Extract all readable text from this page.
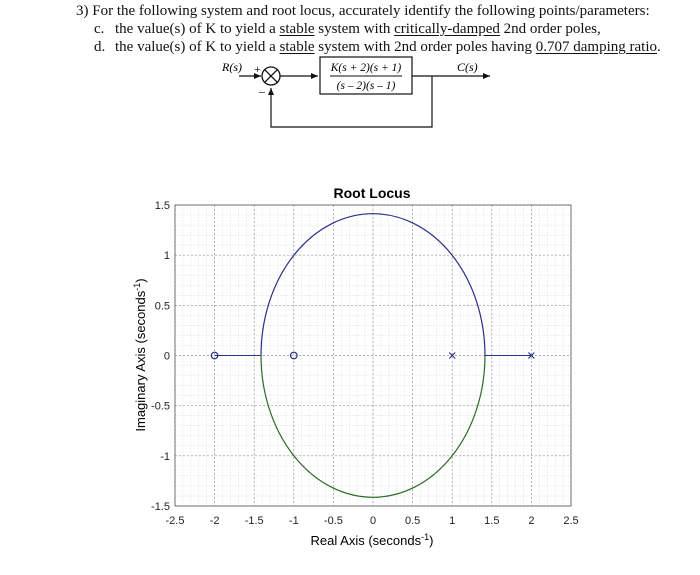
3) For the following system and root locus, accurately identify the following points/parameters:
c. the value(s) of K to yield a stable system with critically-damped 2nd order poles,
d. the value(s) of K to yield a stable system with 2nd order poles having 0.707 damping ratio.
R(s) +
–
K(s + 2)(s + 1)
(s – 2)(s – 1)
C(s)
Root Locus
-2.5 -2 -1.5 -1 -0.5 0	0.5	1	1.5	2	2.5
1.5
1
0.5
0
-0.5
-1
-1.5
Real Axis (seconds$^{-1}$)
Imaginary Axis (seconds$^{-1}$)
